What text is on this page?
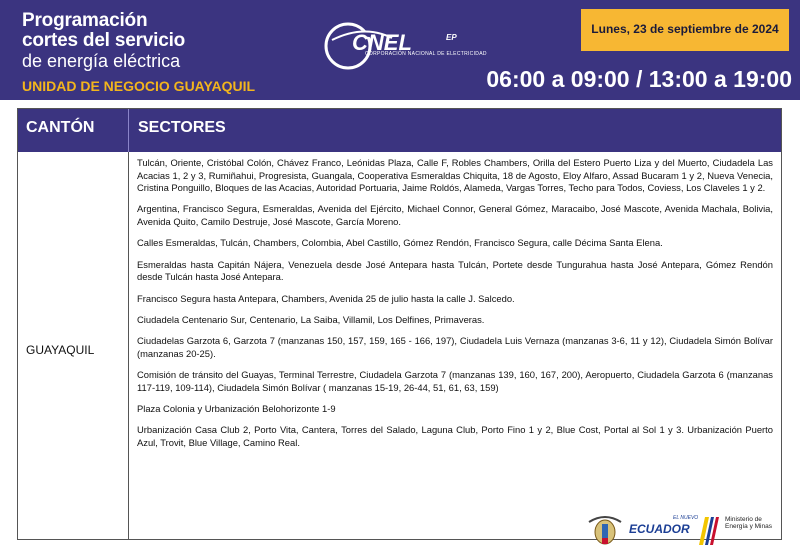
Programación
cortes del servicio
de energía eléctrica
UNIDAD DE NEGOCIO GUAYAQUIL
CNEL	EP
CORPORACIÓN NACIONAL DE ELECTRICIDAD
Lunes, 23 de septiembre de 2024
06:00 a 09:00 / 13:00 a 19:00
CANTÓN	SECTORES
GUAYAQUIL

Tulcán, Oriente, Cristóbal Colón, Chávez Franco, Leónidas Plaza, Calle F, Robles Chambers, Orilla del Estero Puerto Liza y del Muerto, Ciudadela Las Acacias 1, 2 y 3, Rumiñahui, Progresista, Guangala, Cooperativa Esmeraldas Chiquita, 18 de Agosto, Eloy Alfaro, Assad Bucaram 1 y 2, Nueva Venecia, Cristina Ponguillo, Bloques de las Acacias, Autoridad Portuaria, Jaime Roldós, Alameda, Vargas Torres, Techo para Todos, Coviess, Los Claveles 1 y 2.

Argentina, Francisco Segura, Esmeraldas, Avenida del Ejército, Michael Connor, General Gómez, Maracaibo, José Mascote, Avenida Machala, Bolivia, Avenida Quito, Camilo Destruje, José Mascote, García Moreno.

Calles Esmeraldas, Tulcán, Chambers, Colombia, Abel Castillo, Gómez Rendón, Francisco Segura, calle Décima Santa Elena.

Esmeraldas hasta Capitán Nájera, Venezuela desde José Antepara hasta Tulcán, Portete desde Tungurahua hasta José Antepara, Gómez Rendón desde Tulcán hasta José Antepara.

Francisco Segura hasta Antepara, Chambers, Avenida 25 de julio hasta la calle J. Salcedo.

Ciudadela Centenario Sur, Centenario, La Saiba, Villamil, Los Delfines, Primaveras.

Ciudadelas Garzota 6, Garzota 7 (manzanas 150, 157, 159, 165 - 166, 197), Ciudadela Luis Vernaza (manzanas 3-6, 11 y 12), Ciudadela Simón Bolívar (manzanas 20-25).

Comisión de tránsito del Guayas, Terminal Terrestre, Ciudadela Garzota 7 (manzanas 139, 160, 167, 200), Aeropuerto, Ciudadela Garzota 6 (manzanas 117-119, 109-114), Ciudadela Simón Bolívar ( manzanas 15-19, 26-44, 51, 61, 63, 159)

Plaza Colonia y Urbanización Belohorizonte 1-9

Urbanización Casa Club 2, Porto Vita, Cantera, Torres del Salado, Laguna Club, Porto Fino 1 y 2, Blue Cost, Portal al Sol 1 y 3. Urbanización Puerto Azul, Trovit, Blue Village, Camino Real.

EL NUEVO
ECUADOR
Ministerio de Energía y Minas
